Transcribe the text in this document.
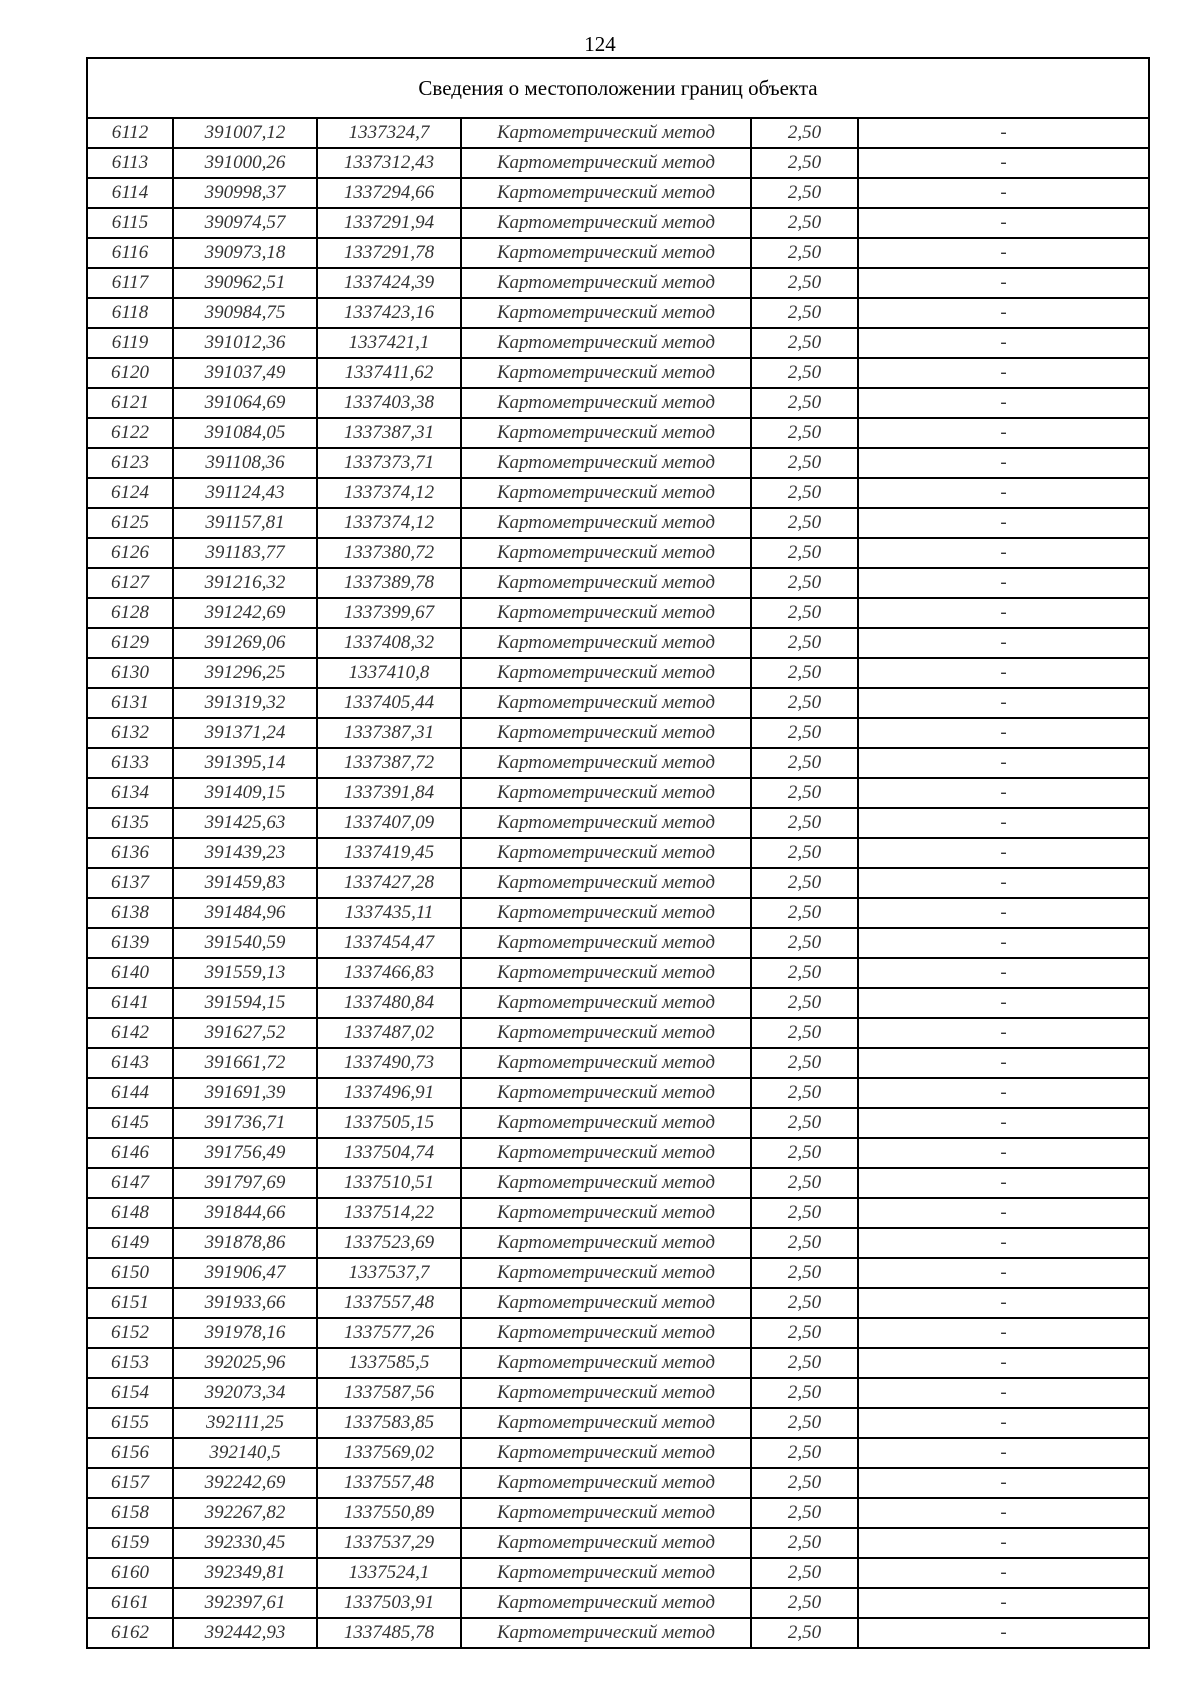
124
Сведения о местоположении границ объекта					
6112	391007,12	1337324,7	Картометрический метод	2,50	-
6113	391000,26	1337312,43	Картометрический метод	2,50	-
6114	390998,37	1337294,66	Картометрический метод	2,50	-
6115	390974,57	1337291,94	Картометрический метод	2,50	-
6116	390973,18	1337291,78	Картометрический метод	2,50	-
6117	390962,51	1337424,39	Картометрический метод	2,50	-
6118	390984,75	1337423,16	Картометрический метод	2,50	-
6119	391012,36	1337421,1	Картометрический метод	2,50	-
6120	391037,49	1337411,62	Картометрический метод	2,50	-
6121	391064,69	1337403,38	Картометрический метод	2,50	-
6122	391084,05	1337387,31	Картометрический метод	2,50	-
6123	391108,36	1337373,71	Картометрический метод	2,50	-
6124	391124,43	1337374,12	Картометрический метод	2,50	-
6125	391157,81	1337374,12	Картометрический метод	2,50	-
6126	391183,77	1337380,72	Картометрический метод	2,50	-
6127	391216,32	1337389,78	Картометрический метод	2,50	-
6128	391242,69	1337399,67	Картометрический метод	2,50	-
6129	391269,06	1337408,32	Картометрический метод	2,50	-
6130	391296,25	1337410,8	Картометрический метод	2,50	-
6131	391319,32	1337405,44	Картометрический метод	2,50	-
6132	391371,24	1337387,31	Картометрический метод	2,50	-
6133	391395,14	1337387,72	Картометрический метод	2,50	-
6134	391409,15	1337391,84	Картометрический метод	2,50	-
6135	391425,63	1337407,09	Картометрический метод	2,50	-
6136	391439,23	1337419,45	Картометрический метод	2,50	-
6137	391459,83	1337427,28	Картометрический метод	2,50	-
6138	391484,96	1337435,11	Картометрический метод	2,50	-
6139	391540,59	1337454,47	Картометрический метод	2,50	-
6140	391559,13	1337466,83	Картометрический метод	2,50	-
6141	391594,15	1337480,84	Картометрический метод	2,50	-
6142	391627,52	1337487,02	Картометрический метод	2,50	-
6143	391661,72	1337490,73	Картометрический метод	2,50	-
6144	391691,39	1337496,91	Картометрический метод	2,50	-
6145	391736,71	1337505,15	Картометрический метод	2,50	-
6146	391756,49	1337504,74	Картометрический метод	2,50	-
6147	391797,69	1337510,51	Картометрический метод	2,50	-
6148	391844,66	1337514,22	Картометрический метод	2,50	-
6149	391878,86	1337523,69	Картометрический метод	2,50	-
6150	391906,47	1337537,7	Картометрический метод	2,50	-
6151	391933,66	1337557,48	Картометрический метод	2,50	-
6152	391978,16	1337577,26	Картометрический метод	2,50	-
6153	392025,96	1337585,5	Картометрический метод	2,50	-
6154	392073,34	1337587,56	Картометрический метод	2,50	-
6155	392111,25	1337583,85	Картометрический метод	2,50	-
6156	392140,5	1337569,02	Картометрический метод	2,50	-
6157	392242,69	1337557,48	Картометрический метод	2,50	-
6158	392267,82	1337550,89	Картометрический метод	2,50	-
6159	392330,45	1337537,29	Картометрический метод	2,50	-
6160	392349,81	1337524,1	Картометрический метод	2,50	-
6161	392397,61	1337503,91	Картометрический метод	2,50	-
6162	392442,93	1337485,78	Картометрический метод	2,50	-
